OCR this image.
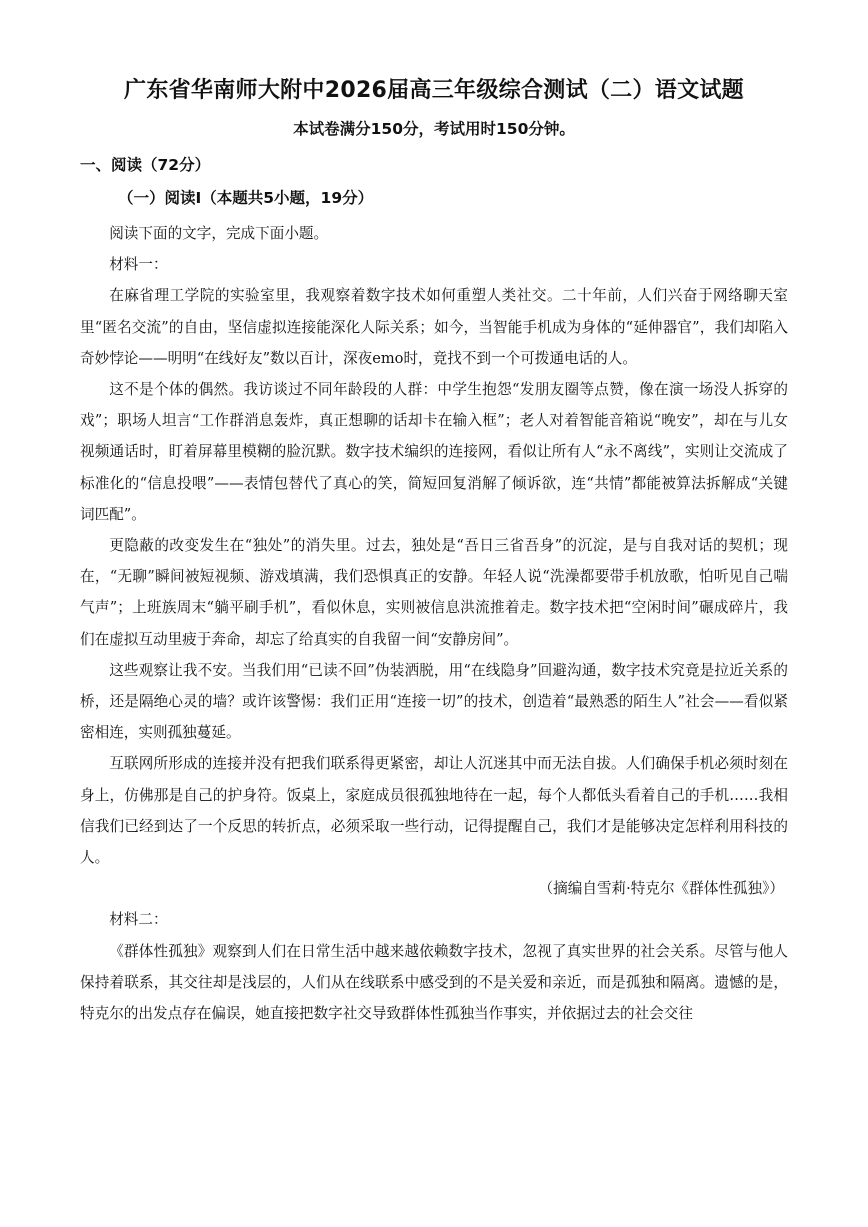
广东省华南师大附中2026届高三年级综合测试（二）语文试题
本试卷满分150分，考试用时150分钟。
一、阅读（72分）
（一）阅读Ⅰ（本题共5小题，19分）

阅读下面的文字，完成下面小题。

材料一：

在麻省理工学院的实验室里，我观察着数字技术如何重塑人类社交。二十年前，人们兴奋于网络聊天室里“匿名交流”的自由，坚信虚拟连接能深化人际关系；如今，当智能手机成为身体的“延伸器官”，我们却陷入奇妙悖论——明明“在线好友”数以百计，深夜emo时，竟找不到一个可拨通电话的人。

这不是个体的偶然。我访谈过不同年龄段的人群：中学生抱怨“发朋友圈等点赞，像在演一场没人拆穿的戏”；职场人坦言“工作群消息轰炸，真正想聊的话却卡在输入框”；老人对着智能音箱说“晚安”，却在与儿女视频通话时，盯着屏幕里模糊的脸沉默。数字技术编织的连接网，看似让所有人“永不离线”，实则让交流成了标准化的“信息投喂”——表情包替代了真心的笑，简短回复消解了倾诉欲，连“共情”都能被算法拆解成“关键词匹配”。

更隐蔽的改变发生在“独处”的消失里。过去，独处是“吾日三省吾身”的沉淀，是与自我对话的契机；现在，“无聊”瞬间被短视频、游戏填满，我们恐惧真正的安静。年轻人说“洗澡都要带手机放歌，怕听见自己喘气声”；上班族周末“躺平刷手机”，看似休息，实则被信息洪流推着走。数字技术把“空闲时间”碾成碎片，我们在虚拟互动里疲于奔命，却忘了给真实的自我留一间“安静房间”。

这些观察让我不安。当我们用“已读不回”伪装洒脱，用“在线隐身”回避沟通，数字技术究竟是拉近关系的桥，还是隔绝心灵的墙？或许该警惕：我们正用“连接一切”的技术，创造着“最熟悉的陌生人”社会——看似紧密相连，实则孤独蔓延。

互联网所形成的连接并没有把我们联系得更紧密，却让人沉迷其中而无法自拔。人们确保手机必须时刻在身上，仿佛那是自己的护身符。饭桌上，家庭成员很孤独地待在一起，每个人都低头看着自己的手机……我相信我们已经到达了一个反思的转折点，必须采取一些行动，记得提醒自己，我们才是能够决定怎样利用科技的人。

（摘编自雪莉·特克尔《群体性孤独》）

材料二：

《群体性孤独》观察到人们在日常生活中越来越依赖数字技术，忽视了真实世界的社会关系。尽管与他人保持着联系，其交往却是浅层的，人们从在线联系中感受到的不是关爱和亲近，而是孤独和隔离。遗憾的是，特克尔的出发点存在偏误，她直接把数字社交导致群体性孤独当作事实，并依据过去的社会交往
